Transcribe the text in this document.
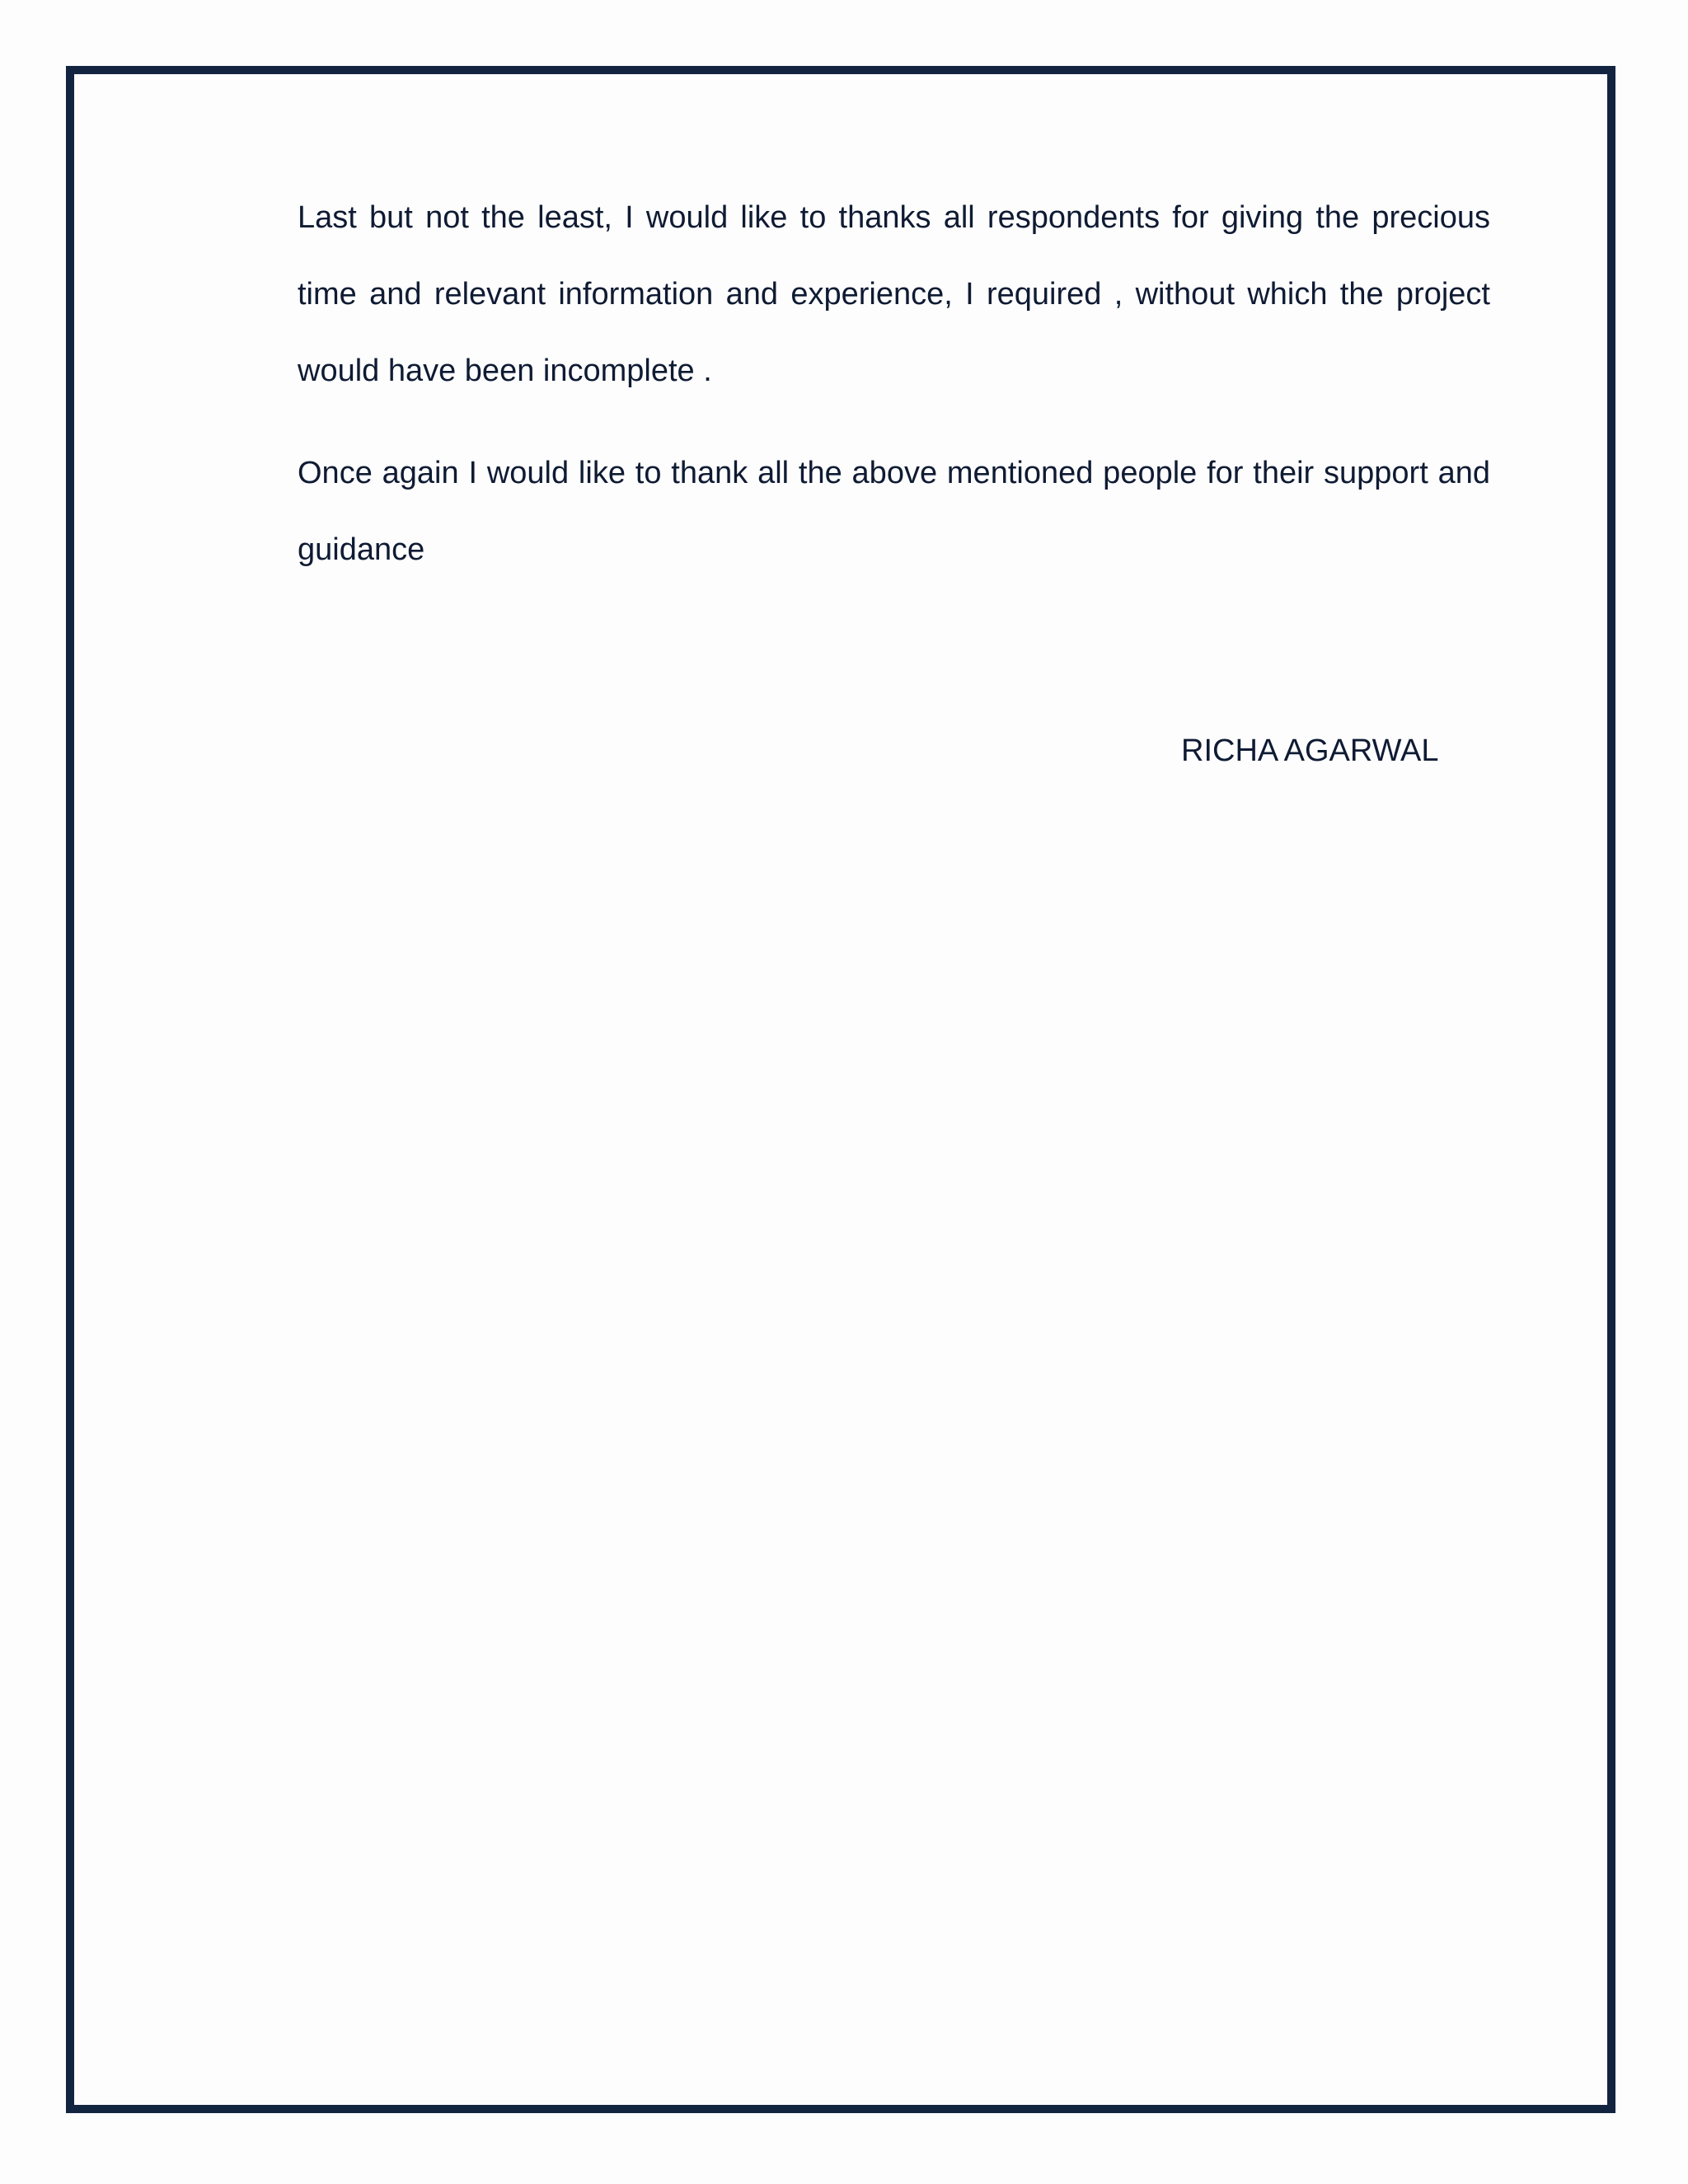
Last but not the least, I would like to thanks all respondents for giving the precious time and relevant information and experience, I required , without which the project would have been incomplete .

Once again I would like to thank all the above mentioned people for their support and guidance

RICHA AGARWAL
